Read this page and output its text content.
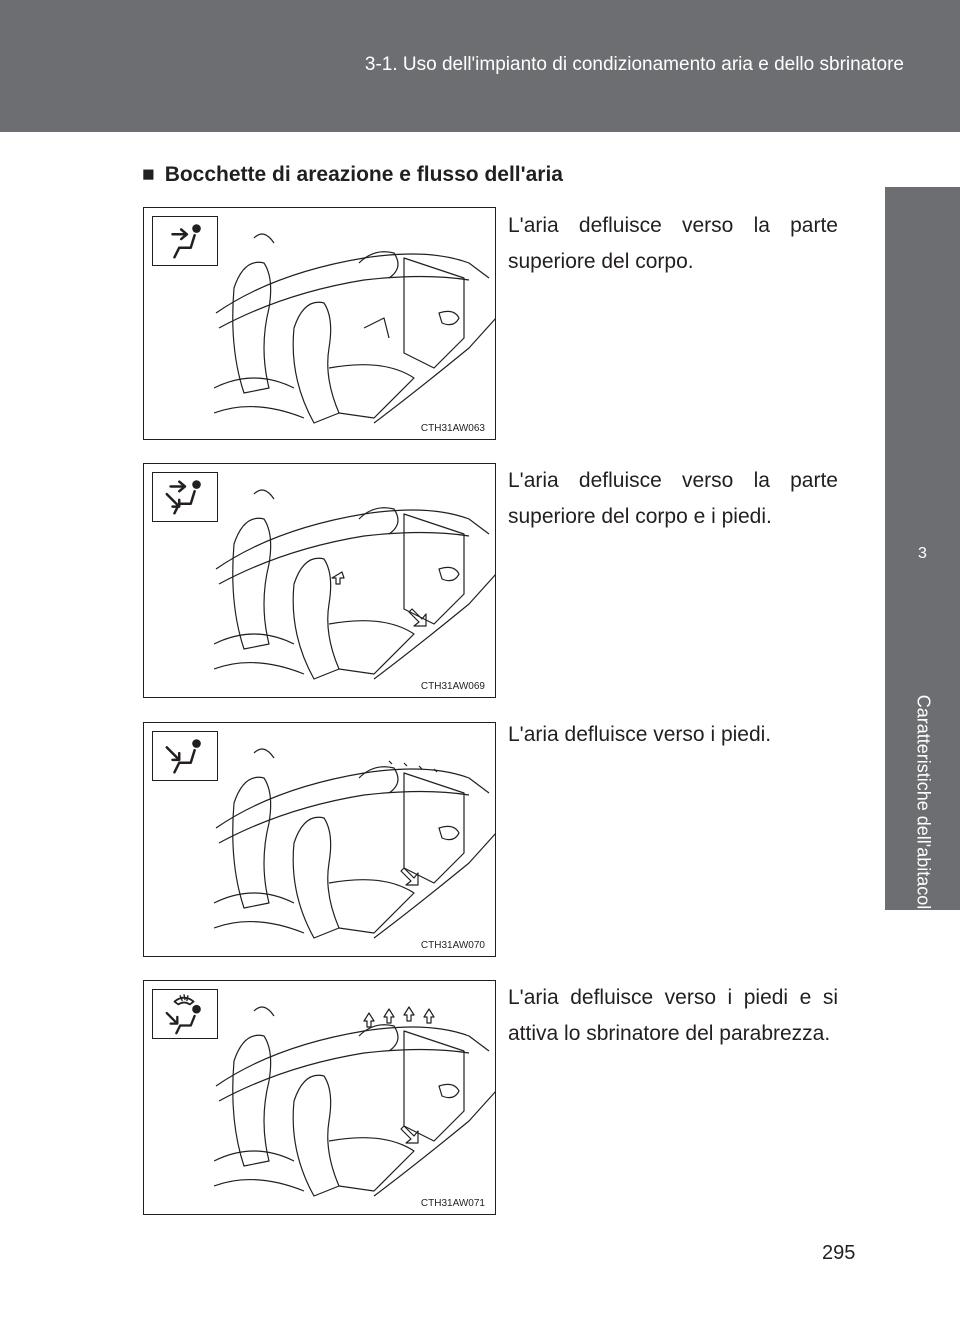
3-1. Uso dell'impianto di condizionamento aria e dello sbrinatore
3
Caratteristiche dell'abitacolo
■ Bocchette di areazione e flusso dell'aria
CTH31AW063
L'aria defluisce verso la parte superiore del corpo.
CTH31AW069
L'aria defluisce verso la parte superiore del corpo e i piedi.
CTH31AW070
L'aria defluisce verso i piedi.
CTH31AW071
L'aria defluisce verso i piedi e si attiva lo sbrinatore del parabrezza.
295
